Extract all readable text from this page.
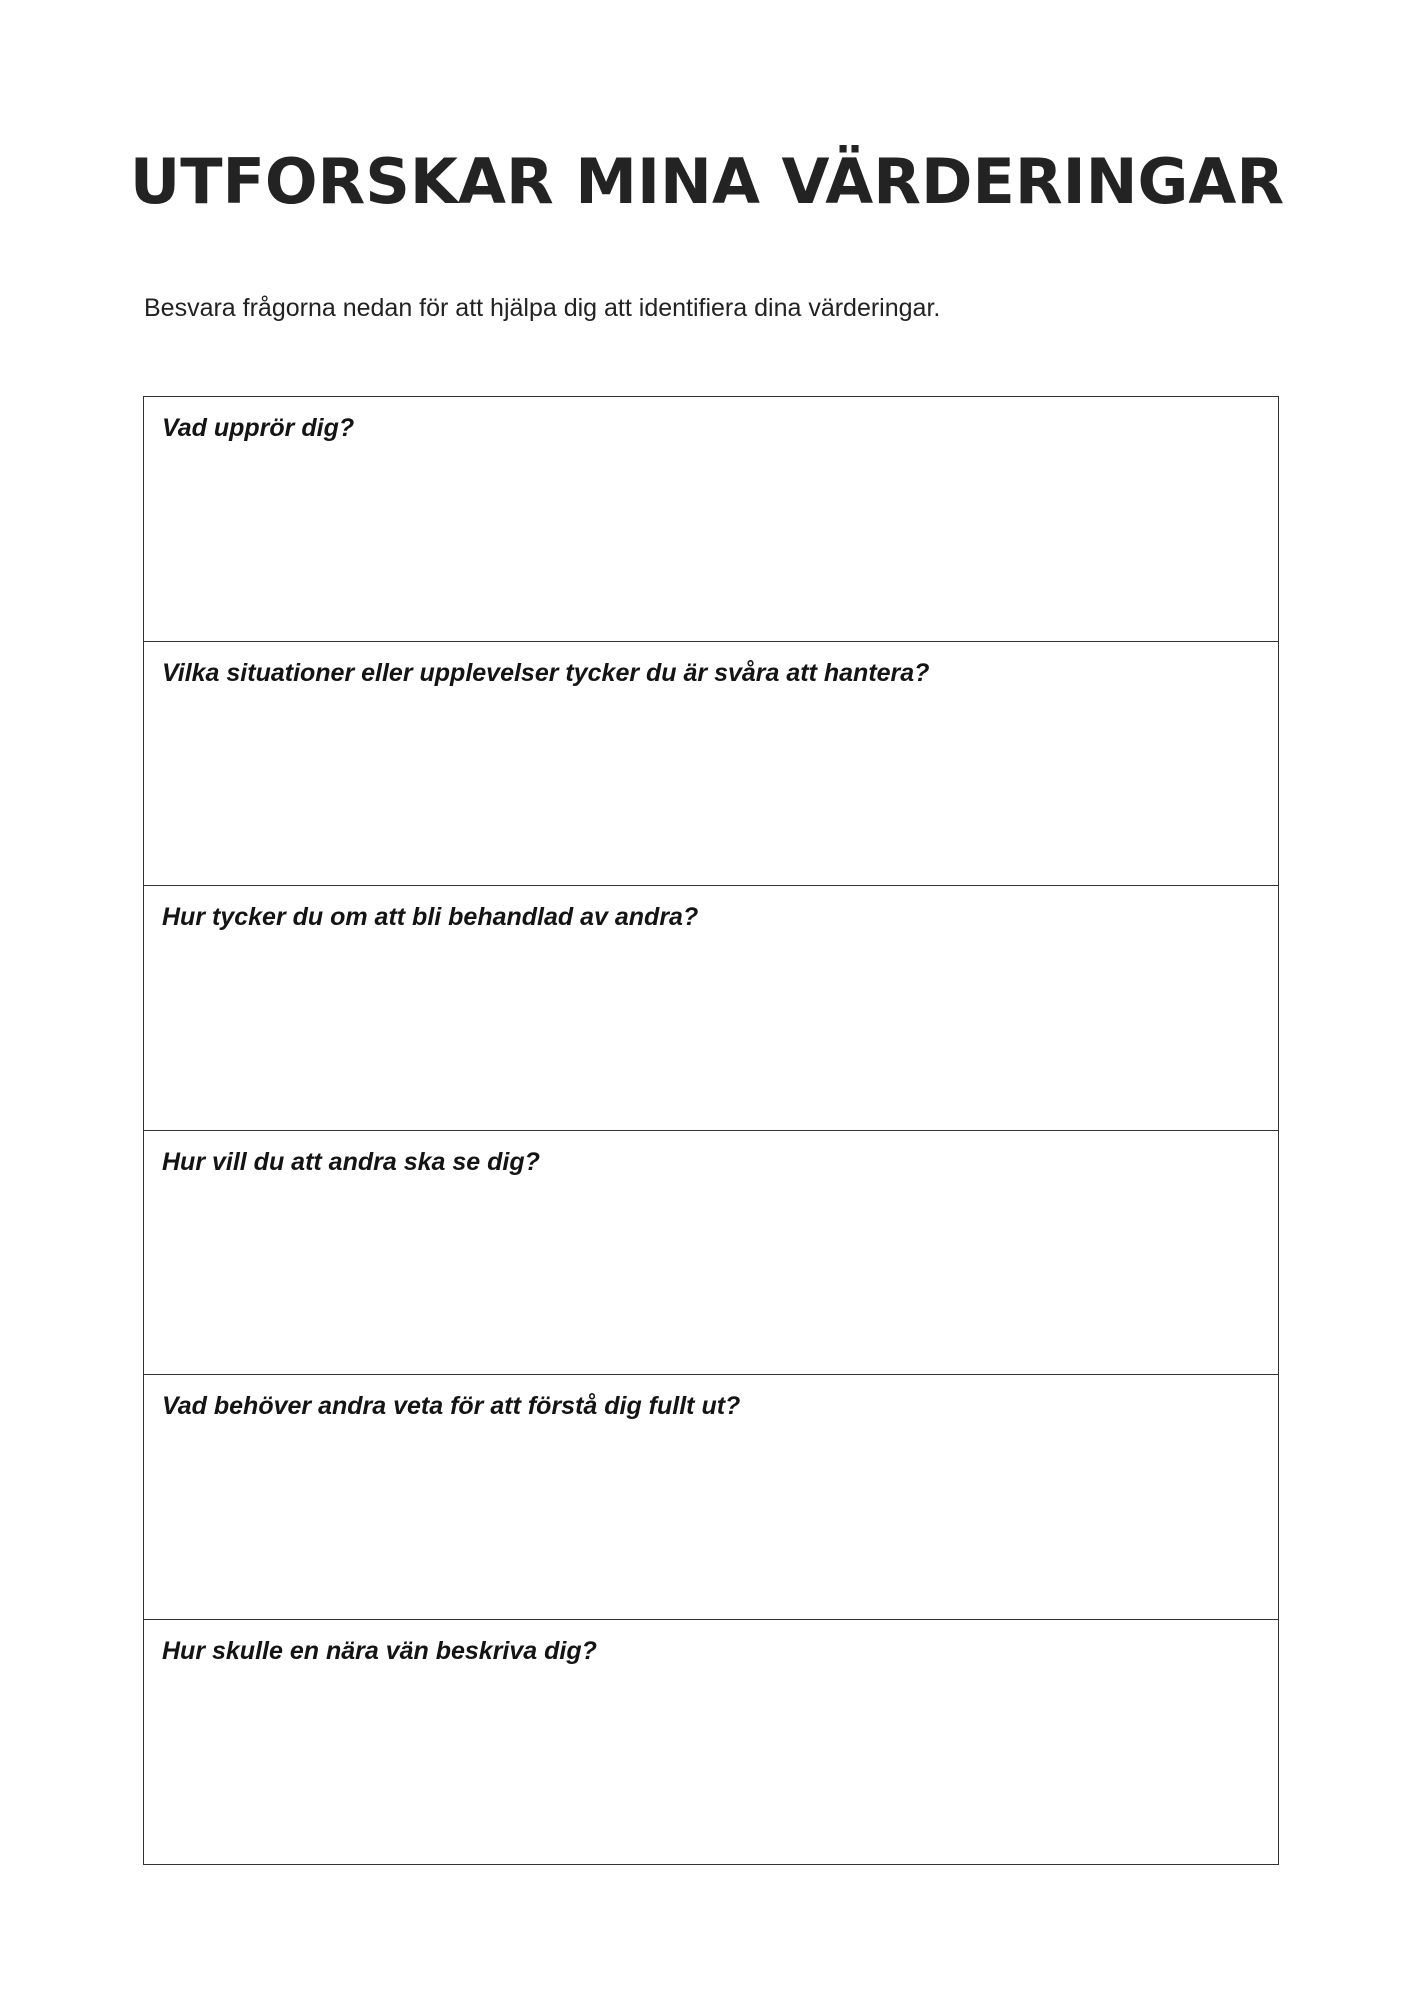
UTFORSKAR MINA VÄRDERINGAR

Besvara frågorna nedan för att hjälpa dig att identifiera dina värderingar.

Vad upprör dig?

Vilka situationer eller upplevelser tycker du är svåra att hantera?

Hur tycker du om att bli behandlad av andra?

Hur vill du att andra ska se dig?

Vad behöver andra veta för att förstå dig fullt ut?

Hur skulle en nära vän beskriva dig?
